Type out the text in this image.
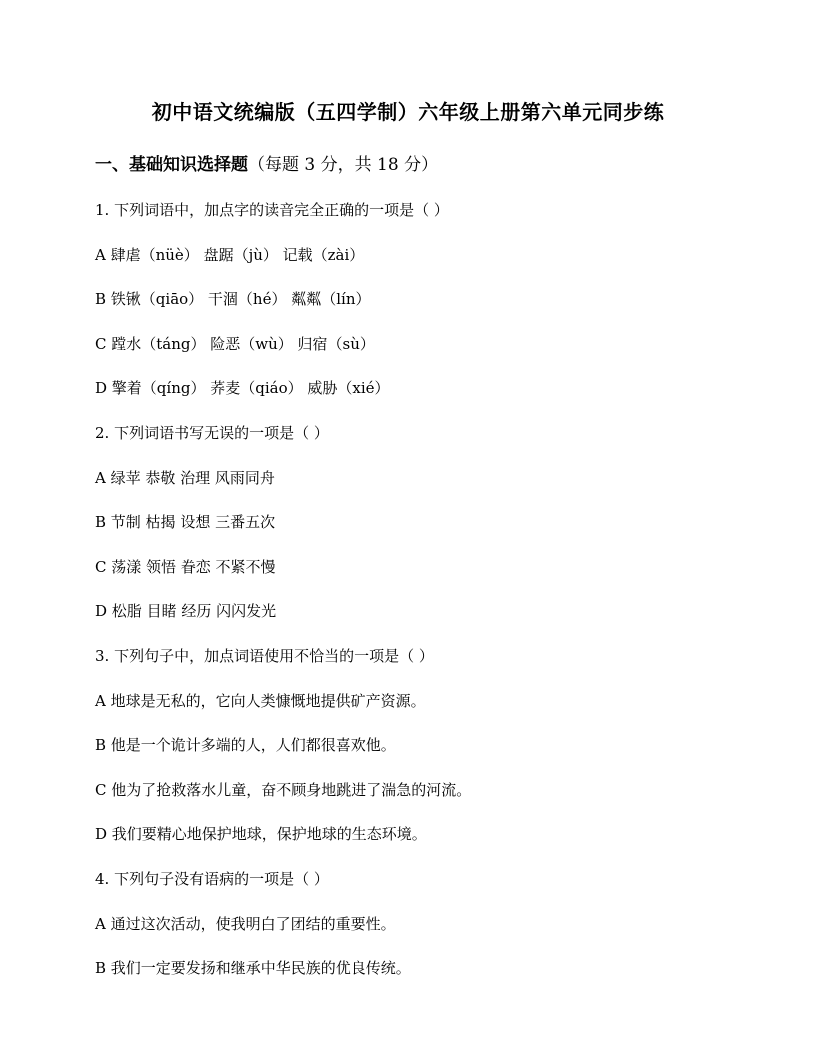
初中语文统编版（五四学制）六年级上册第六单元同步练
一、基础知识选择题（每题 3 分，共 18 分）
1. 下列词语中，加点字的读音完全正确的一项是（ ）
A 肆虐（nüè） 盘踞（jù） 记载（zài）
B 铁锹（qiāo） 干涸（hé） 粼粼（lín）
C 蹚水（táng） 险恶（wù） 归宿（sù）
D 擎着（qíng） 荞麦（qiáo） 威胁（xié）
2. 下列词语书写无误的一项是（ ）
A 绿苹 恭敬 治理 风雨同舟
B 节制 枯揭 设想 三番五次
C 荡漾 领悟 眷恋 不紧不慢
D 松脂 目睹 经历 闪闪发光
3. 下列句子中，加点词语使用不恰当的一项是（ ）
A 地球是无私的，它向人类慷慨地提供矿产资源。
B 他是一个诡计多端的人，人们都很喜欢他。
C 他为了抢救落水儿童，奋不顾身地跳进了湍急的河流。
D 我们要精心地保护地球，保护地球的生态环境。
4. 下列句子没有语病的一项是（ ）
A 通过这次活动，使我明白了团结的重要性。
B 我们一定要发扬和继承中华民族的优良传统。
